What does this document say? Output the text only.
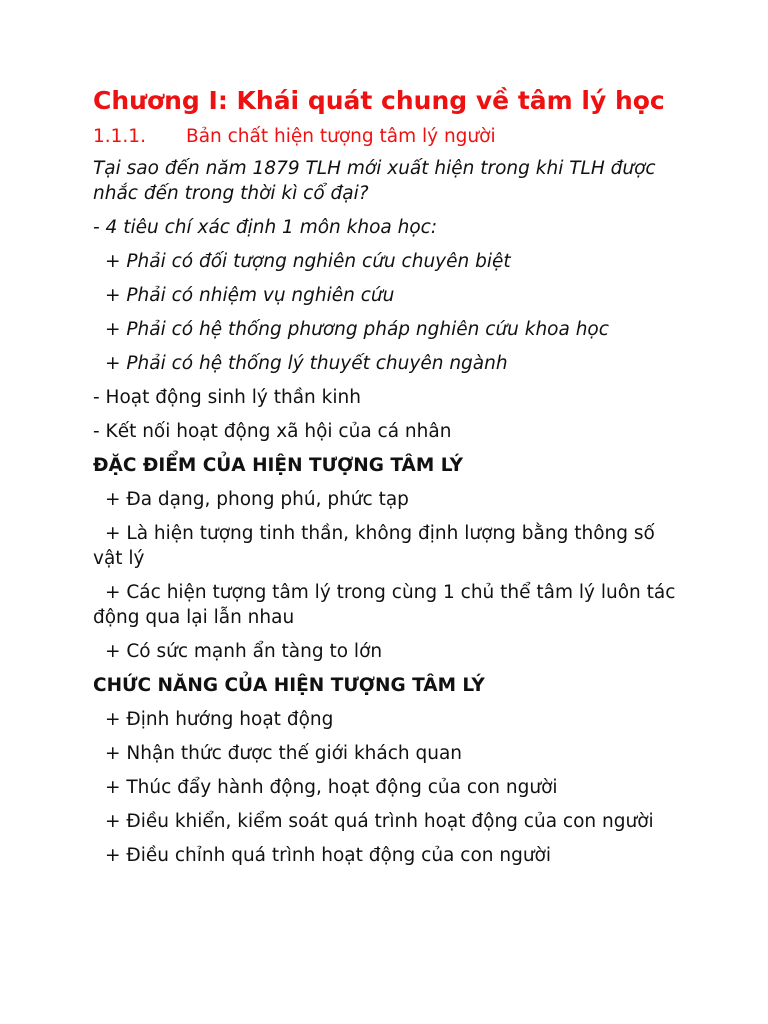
Chương I: Khái quát chung về tâm lý học
1.1.1.	Bản chất hiện tượng tâm lý người

Tại sao đến năm 1879 TLH mới xuất hiện trong khi TLH được nhắc đến trong thời kì cổ đại?

- 4 tiêu chí xác định 1 môn khoa học:

+ Phải có đối tượng nghiên cứu chuyên biệt

+ Phải có nhiệm vụ nghiên cứu

+ Phải có hệ thống phương pháp nghiên cứu khoa học

+ Phải có hệ thống lý thuyết chuyên ngành

- Hoạt động sinh lý thần kinh

- Kết nối hoạt động xã hội của cá nhân

ĐẶC ĐIỂM CỦA HIỆN TƯỢNG TÂM LÝ

+ Đa dạng, phong phú, phức tạp

+ Là hiện tượng tinh thần, không định lượng bằng thông số vật lý

+ Các hiện tượng tâm lý trong cùng 1 chủ thể tâm lý luôn tác động qua lại lẫn nhau

+ Có sức mạnh ẩn tàng to lớn

CHỨC NĂNG CỦA HIỆN TƯỢNG TÂM LÝ

+ Định hướng hoạt động

+ Nhận thức được thế giới khách quan

+ Thúc đẩy hành động, hoạt động của con người

+ Điều khiển, kiểm soát quá trình hoạt động của con người

+ Điều chỉnh quá trình hoạt động của con người
